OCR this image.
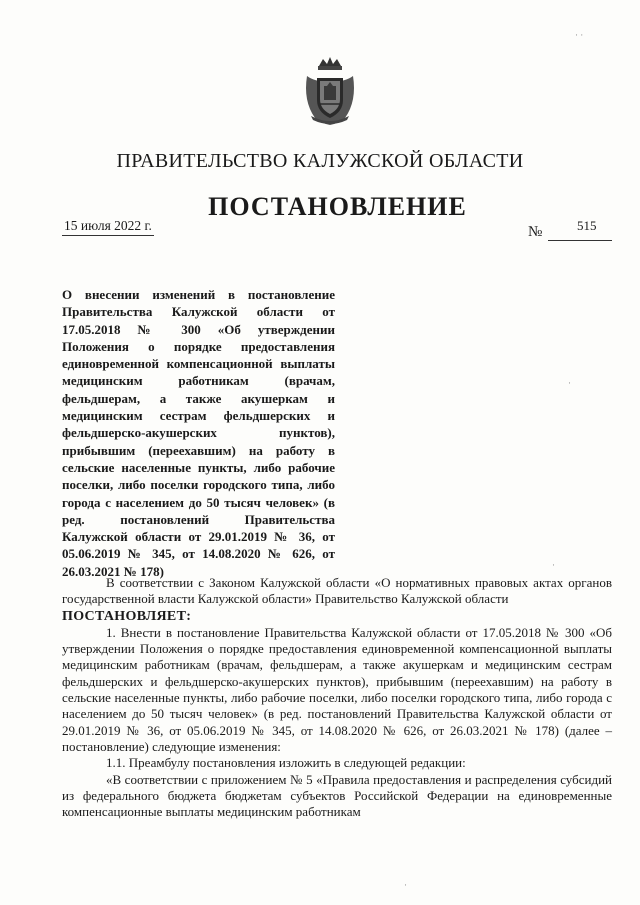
ПРАВИТЕЛЬСТВО КАЛУЖСКОЙ ОБЛАСТИ
ПОСТАНОВЛЕНИЕ
15 июля 2022 г.	№	515
О внесении изменений в постановление Правительства Калужской области от 17.05.2018 № 300 «Об утверждении Положения о порядке предоставления единовременной компенсационной выплаты медицинским работникам (врачам, фельдшерам, а также акушеркам и медицинским сестрам фельдшерских и фельдшерско-акушерских пунктов), прибывшим (переехавшим) на работу в сельские населенные пункты, либо рабочие поселки, либо поселки городского типа, либо города с населением до 50 тысяч человек» (в ред. постановлений Правительства Калужской области от 29.01.2019 № 36, от 05.06.2019 № 345, от 14.08.2020 № 626, от 26.03.2021 № 178)

В соответствии с Законом Калужской области «О нормативных правовых актах органов государственной власти Калужской области» Правительство Калужской области

ПОСТАНОВЛЯЕТ:

1. Внести в постановление Правительства Калужской области от 17.05.2018 № 300 «Об утверждении Положения о порядке предоставления единовременной компенсационной выплаты медицинским работникам (врачам, фельдшерам, а также акушеркам и медицинским сестрам фельдшерских и фельдшерско-акушерских пунктов), прибывшим (переехавшим) на работу в сельские населенные пункты, либо рабочие поселки, либо поселки городского типа, либо города с населением до 50 тысяч человек» (в ред. постановлений Правительства Калужской области от 29.01.2019 № 36, от 05.06.2019 № 345, от 14.08.2020 № 626, от 26.03.2021 № 178) (далее – постановление) следующие изменения:

1.1. Преамбулу постановления изложить в следующей редакции:

«В соответствии с приложением № 5 «Правила предоставления и распределения субсидий из федерального бюджета бюджетам субъектов Российской Федерации на единовременные компенсационные выплаты медицинским работникам

· ·
·
·
·
